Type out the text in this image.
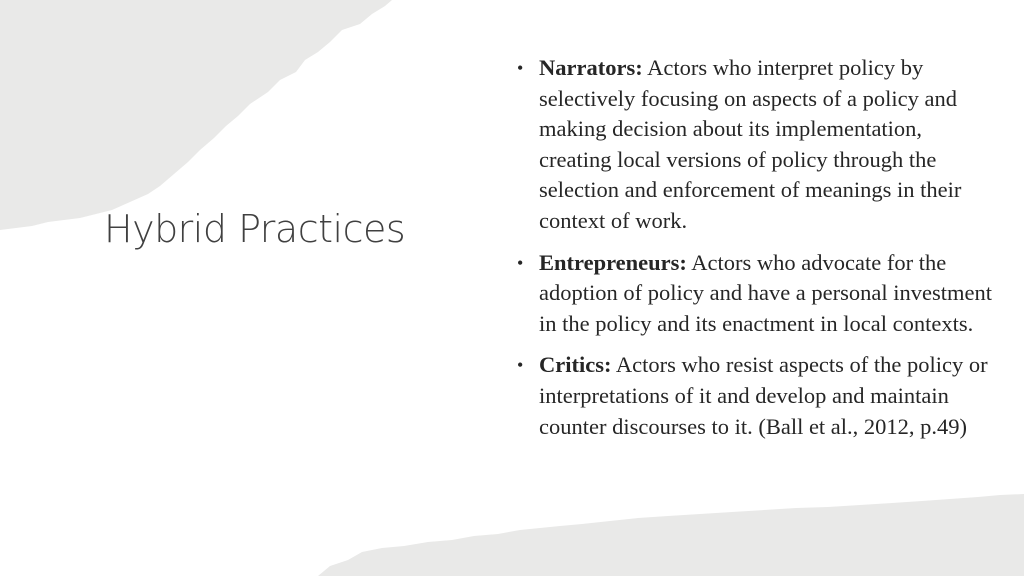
Hybrid Practices
• Narrators: Actors who interpret policy by selectively focusing on aspects of a policy and making decision about its implementation, creating local versions of policy through the selection and enforcement of meanings in their context of work.
• Entrepreneurs: Actors who advocate for the adoption of policy and have a personal investment in the policy and its enactment in local contexts.
• Critics: Actors who resist aspects of the policy or interpretations of it and develop and maintain counter discourses to it. (Ball et al., 2012, p.49)
